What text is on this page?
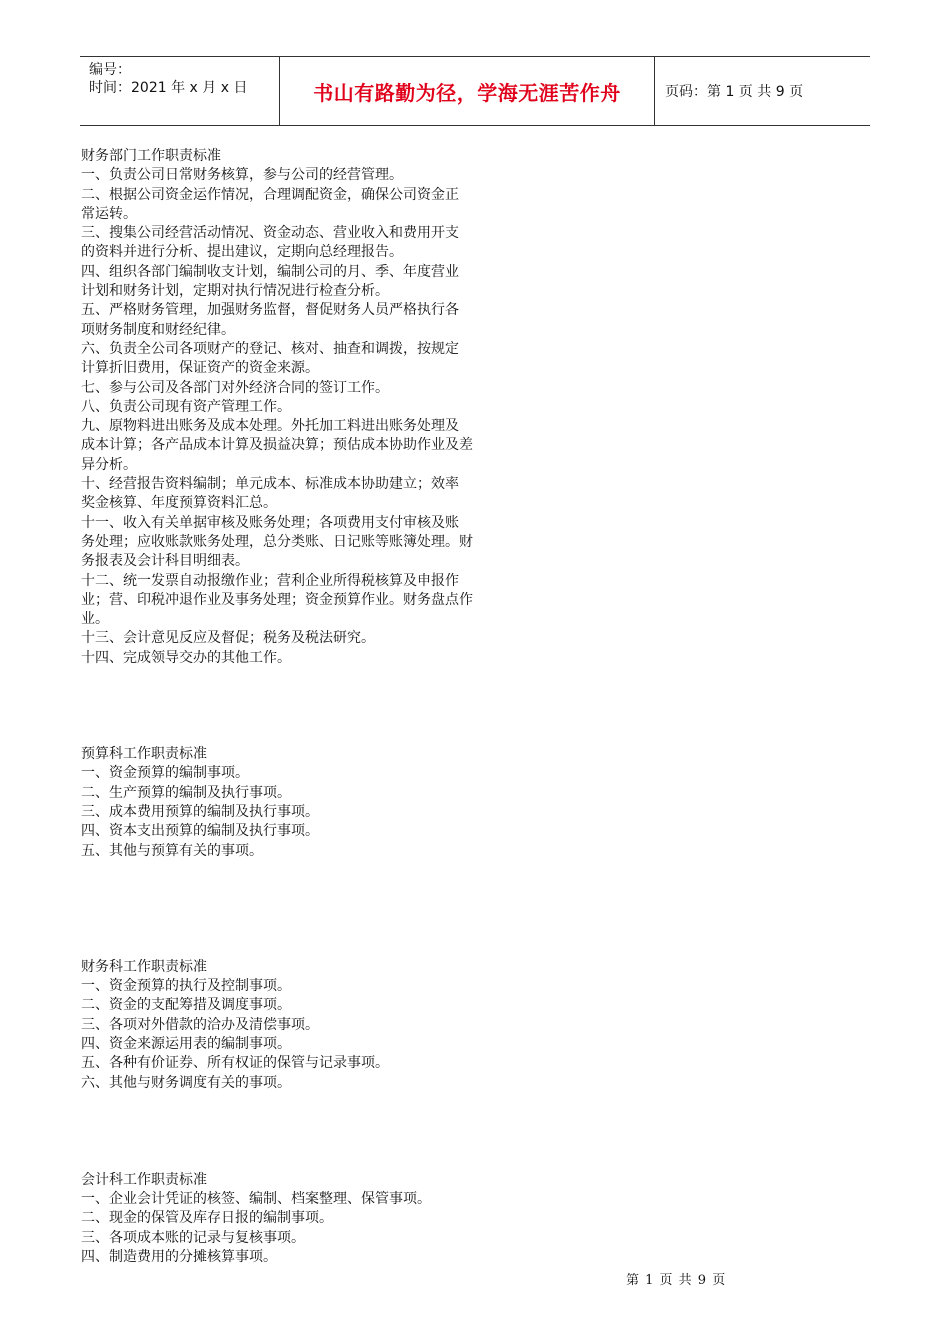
编号：
时间：2021 年 x 月 x 日	书山有路勤为径，学海无涯苦作舟	页码：第 1 页 共 9 页

财务部门工作职责标准

一、负责公司日常财务核算，参与公司的经营管理。

二、根据公司资金运作情况，合理调配资金，确保公司资金正

常运转。

三、搜集公司经营活动情况、资金动态、营业收入和费用开支

的资料并进行分析、提出建议，定期向总经理报告。

四、组织各部门编制收支计划，编制公司的月、季、年度营业

计划和财务计划，定期对执行情况进行检查分析。

五、严格财务管理，加强财务监督，督促财务人员严格执行各

项财务制度和财经纪律。

六、负责全公司各项财产的登记、核对、抽查和调拨，按规定

计算折旧费用，保证资产的资金来源。

七、参与公司及各部门对外经济合同的签订工作。

八、负责公司现有资产管理工作。

九、原物料进出账务及成本处理。外托加工料进出账务处理及

成本计算；各产品成本计算及损益决算；预估成本协助作业及差

异分析。

十、经营报告资料编制；单元成本、标准成本协助建立；效率

奖金核算、年度预算资料汇总。

十一、收入有关单据审核及账务处理；各项费用支付审核及账

务处理；应收账款账务处理，总分类账、日记账等账簿处理。财

务报表及会计科目明细表。

十二、统一发票自动报缴作业；营利企业所得税核算及申报作

业；营、印税冲退作业及事务处理；资金预算作业。财务盘点作

业。

十三、会计意见反应及督促；税务及税法研究。

十四、完成领导交办的其他工作。

预算科工作职责标准

一、资金预算的编制事项。

二、生产预算的编制及执行事项。

三、成本费用预算的编制及执行事项。

四、资本支出预算的编制及执行事项。

五、其他与预算有关的事项。

财务科工作职责标准

一、资金预算的执行及控制事项。

二、资金的支配筹措及调度事项。

三、各项对外借款的洽办及清偿事项。

四、资金来源运用表的编制事项。

五、各种有价证券、所有权证的保管与记录事项。

六、其他与财务调度有关的事项。

会计科工作职责标准

一、企业会计凭证的核签、编制、档案整理、保管事项。

二、现金的保管及库存日报的编制事项。

三、各项成本账的记录与复核事项。

四、制造费用的分摊核算事项。

第 1 页 共 9 页
